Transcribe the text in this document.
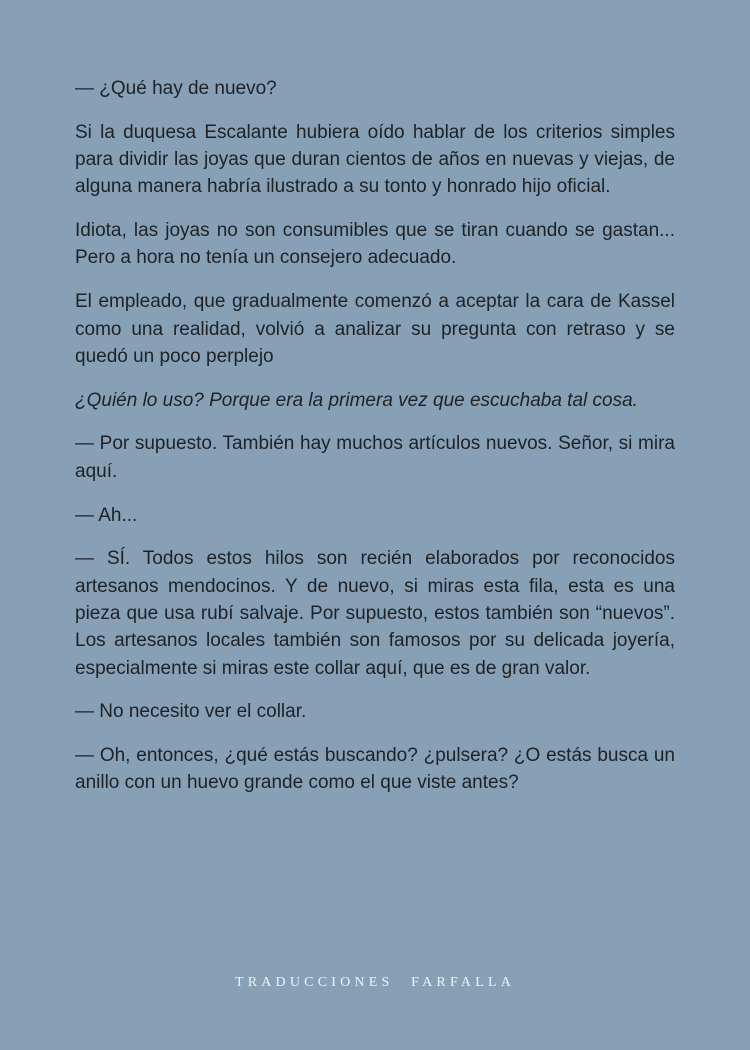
— ¿Qué hay de nuevo?

Si la duquesa Escalante hubiera oído hablar de los criterios simples para dividir las joyas que duran cientos de años en nuevas y viejas, de alguna manera habría ilustrado a su tonto y honrado hijo oficial.

Idiota, las joyas no son consumibles que se tiran cuando se gastan... Pero a hora no tenía un consejero adecuado.

El empleado, que gradualmente comenzó a aceptar la cara de Kassel como una realidad, volvió a analizar su pregunta con retraso y se quedó un poco perplejo

¿Quién lo uso? Porque era la primera vez que escuchaba tal cosa.

— Por supuesto. También hay muchos artículos nuevos. Señor, si mira aquí.

— Ah...

— SÍ. Todos estos hilos son recién elaborados por reconocidos artesanos mendocinos. Y de nuevo, si miras esta fila, esta es una pieza que usa rubí salvaje. Por supuesto, estos también son “nuevos”. Los artesanos locales también son famosos por su delicada joyería, especialmente si miras este collar aquí, que es de gran valor.

— No necesito ver el collar.

— Oh, entonces, ¿qué estás buscando? ¿pulsera? ¿O estás busca un anillo con un huevo grande como el que viste antes?

TRADUCCIONES FARFALLA
